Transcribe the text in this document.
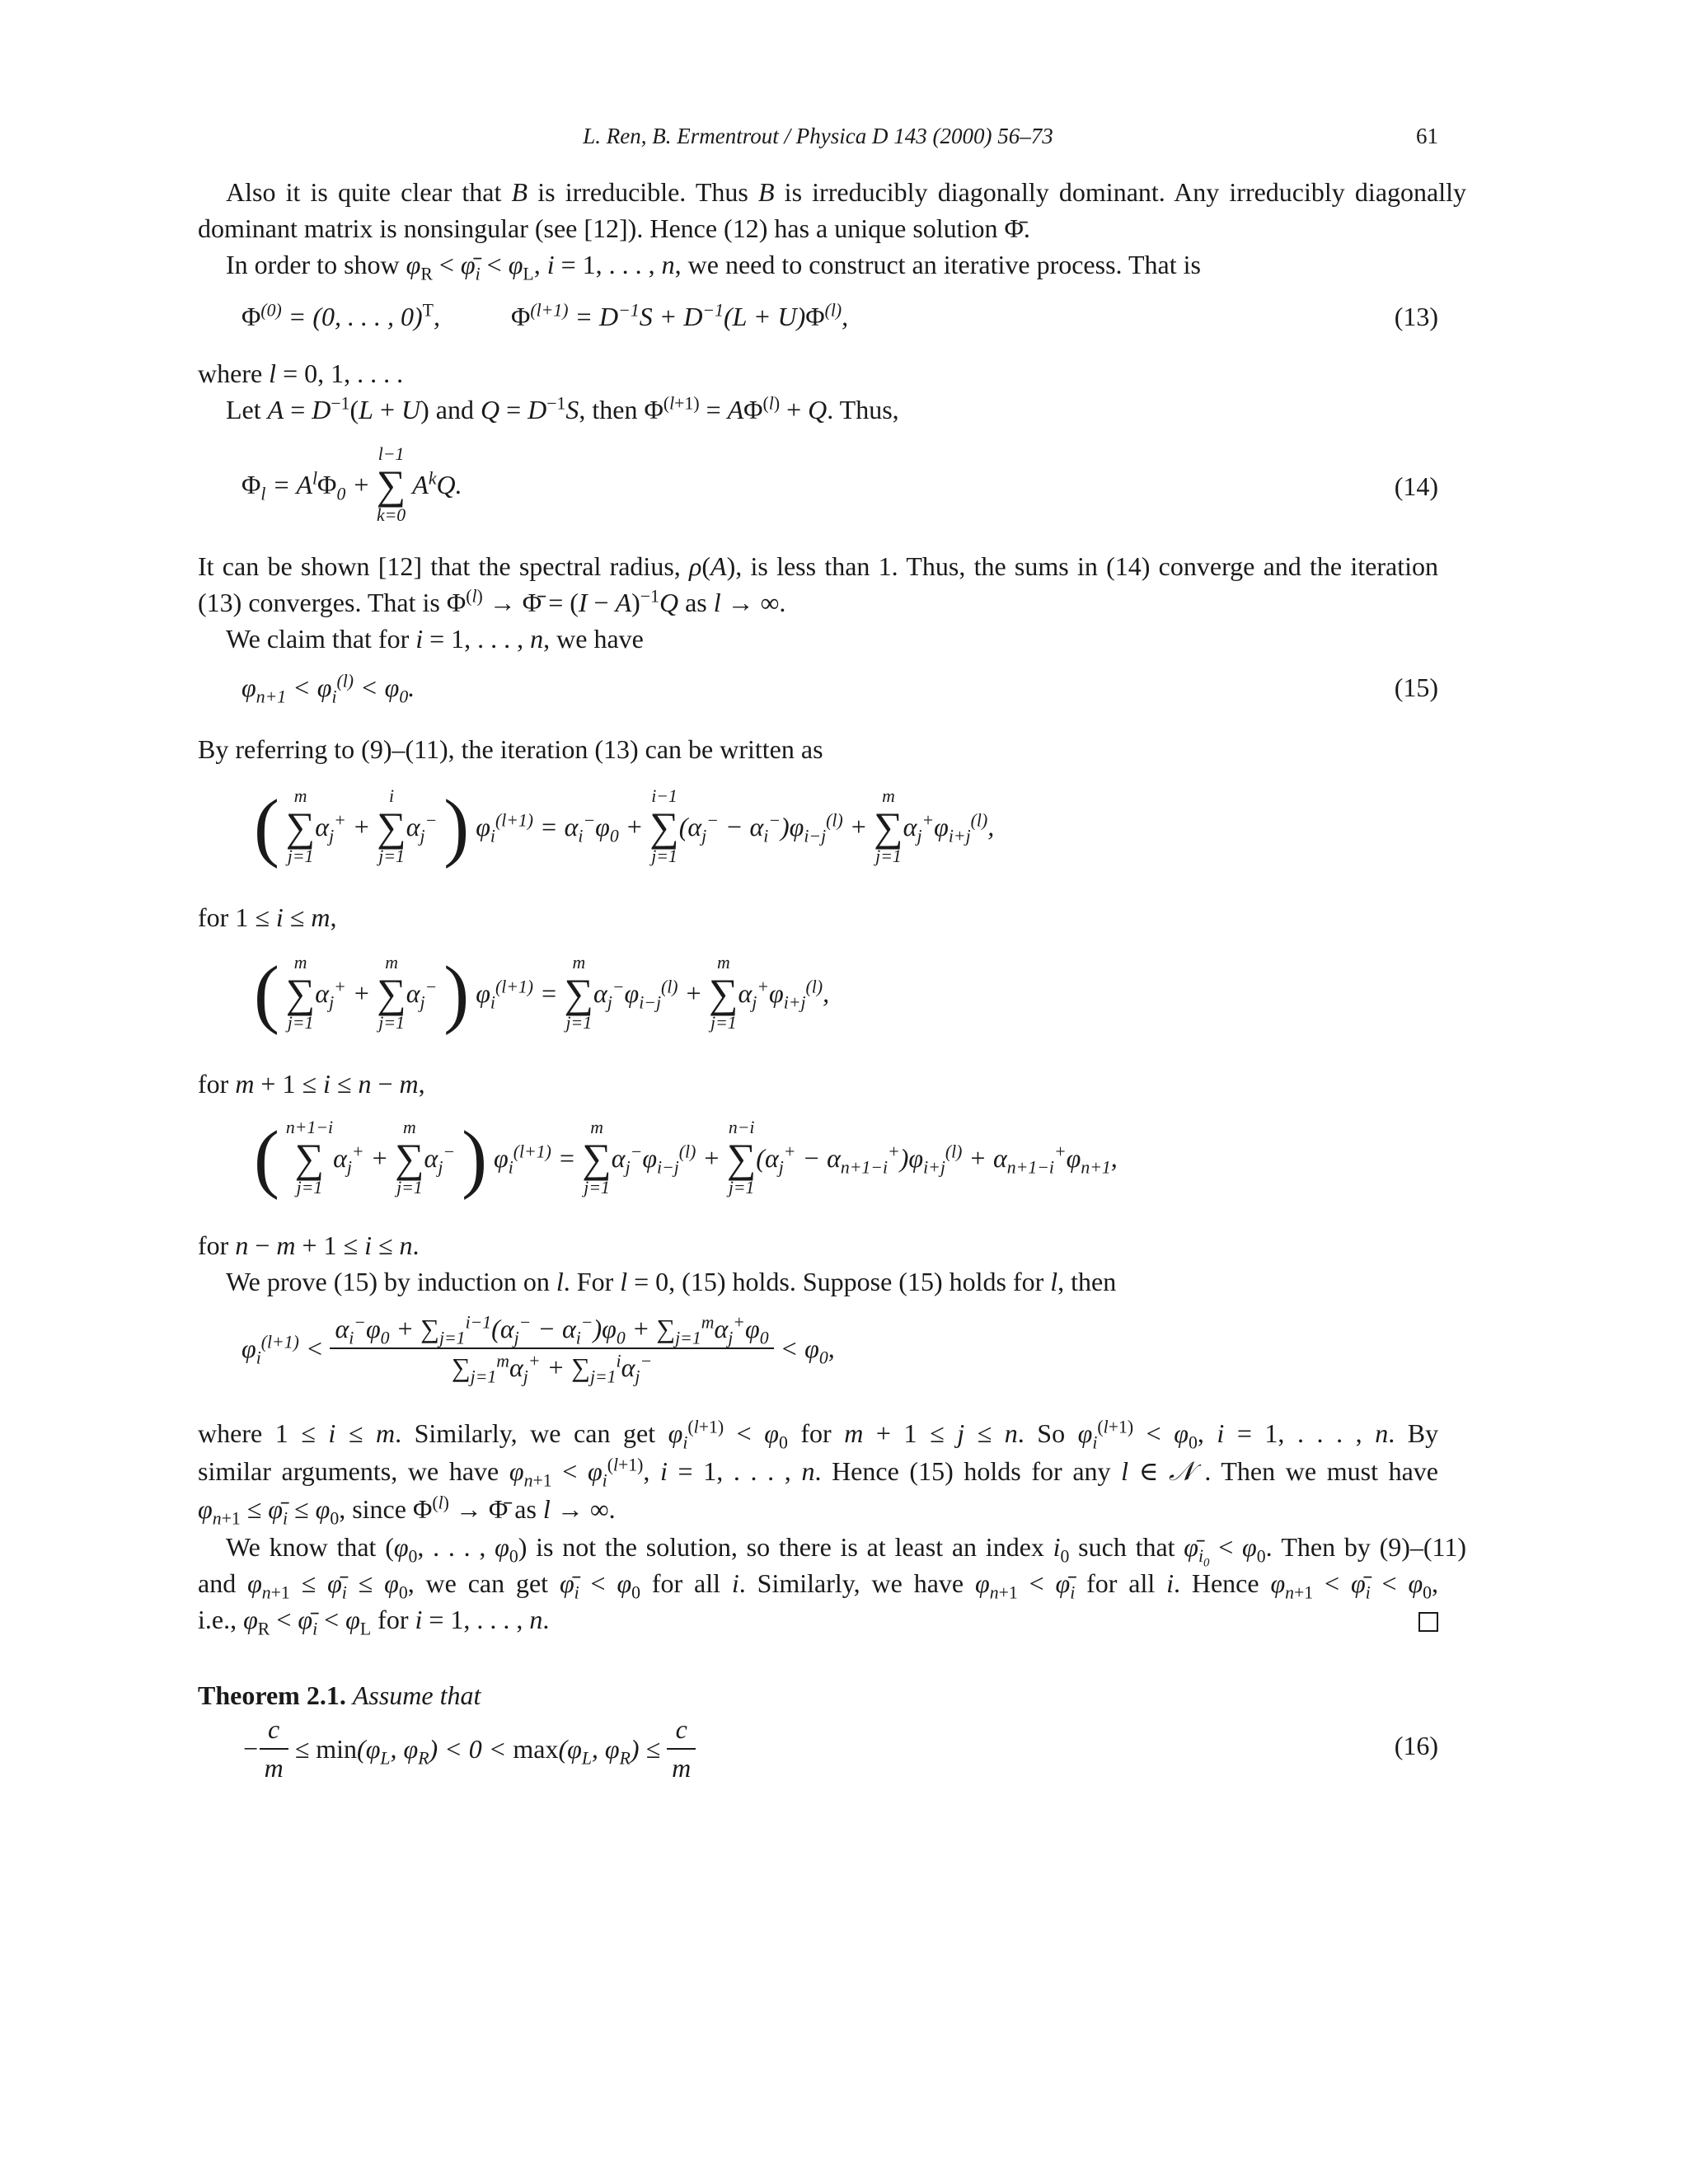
L. Ren, B. Ermentrout / Physica D 143 (2000) 56–73	61
Also it is quite clear that B is irreducible. Thus B is irreducibly diagonally dominant. Any irreducibly diagonally
dominant matrix is nonsingular (see [12]). Hence (12) has a unique solution Φ̄.
In order to show $\varphi_R$ < $\varphī_i < \varphi_L$, i = 1, . . . , n, we need to construct an iterative process. That is
$\Phi^{(0)} = (0$, . . . , 0)$^T$,  $\Phi^{(l+1)} = D^{-1}S + D^{-1}(L + U)\Phi^{(l)}$,	(13)
where l = 0, 1, . . . .
Let $A = D^{-1}(L + U)$ and $Q = D^{-1}S$, then $\Phi^{(l+1)} = A\Phi^{(l)} + Q$. Thus,
$\Phi_l = A^l\Phi_0$ +
l−1
∑
k=0
$A^kQ$.	(14)
It can be shown [12] that the spectral radius, ρ(A), is less than 1. Thus, the sums in (14) converge and the iteration
(13) converges. That is $\Phi^{(l)}$ → Φ̄ = $(I - A)^{-1}Q$ as l → ∞.
We claim that for i = 1, . . . , n, we have
$\varphi_{n+1} < \varphi_i^{(l)} < \varphi_0$.	(15)
By referring to (9)–(11), the iteration (13) can be written as
( m
∑
j=1
$\alpha_j^+$ +
i
∑
j=1
$\alpha_j^-$ ) $\varphi_i^{(l+1)} = \alpha_i^-\varphi_0$ +
i−1
∑
j=1
$(\alpha_j^- - \alpha_i^-)\varphi_{i-j}^{(l)}$ +
m
∑
j=1
$\alpha_j^+\varphi_{i+j}^{(l)}$,
for 1 ≤ i ≤ m,
( m
∑
j=1
$\alpha_j^+$ +
m
∑
j=1
$\alpha_j^-$ ) $\varphi_i^{(l+1)}$ =
m
∑
j=1
$\alpha_j^-\varphi_{i-j}^{(l)}$ +
m
∑
j=1
$\alpha_j^+\varphi_{i+j}^{(l)}$,
for m + 1 ≤ i ≤ n − m,
( n+1−i
∑
j=1
$\alpha_j^+$ +
m
∑
j=1
$\alpha_j^-$ ) $\varphi_i^{(l+1)}$ =
m
∑
j=1
$\alpha_j^-\varphi_{i-j}^{(l)}$ +
n−i
∑
j=1
$(\alpha_j^+ - \alpha_{n+1-i}^+)\varphi_{i+j}^{(l)} + \alpha_{n+1-i}^+\varphi_{n+1}$,
for n − m + 1 ≤ i ≤ n.
We prove (15) by induction on l. For l = 0, (15) holds. Suppose (15) holds for l, then
$\varphi_i^{(l+1)} < \frac{\alpha_i^-\varphi_0 + \sum_{j=1}^{i-1}(\alpha_j^- - \alpha_i^-)\varphi_0 + \sum_{j=1}^m\alpha_j^+\varphi_0}{\sum_{j=1}^m\alpha_j^+ + \sum_{j=1}^i\alpha_j^-} < \varphi_0$,
where 1 ≤ i ≤ m. Similarly, we can get $\varphi_i^{(l+1)} < \varphi_0$ for m + 1 ≤ j ≤ n. So $\varphi_i^{(l+1)} < \varphi_0$, i = 1, . . . , n. By
similar arguments, we have $\varphi_{n+1} < \varphi_i^{(l+1)}$, i = 1, . . . , n. Hence (15) holds for any l ∈ 𝒩 . Then we must have
$\varphi_{n+1}$ ≤ $\varphī_i \le \varphi_0$, since $\Phi^{(l)}$ → Φ̄ as l → ∞.
We know that ($\varphi_0$, . . . , $\varphi_0$) is not the solution, so there is at least an index $i_0$ such that $\varphī_{i_0} < \varphi_0$. Then by (9)–(11)
and $\varphi_{n+1}$ ≤ $\varphī_i \le \varphi_0$, we can get $\varphī_i < \varphi_0$ for all i. Similarly, we have $\varphi_{n+1}$ < $\varphī_i$ for all i. Hence $\varphi_{n+1}$ < $\varphī_i < \varphi_0$,
i.e., $\varphi_R$ < $\varphī_i < \varphi_L$ for i = 1, . . . , n.
Theorem 2.1. Assume that
− $\frac{c}{m} \le \min(\varphi_L$, $\varphi_R) < 0 < \max(\varphi_L$, $\varphi_R) \le \frac{c}{m}$	(16)
